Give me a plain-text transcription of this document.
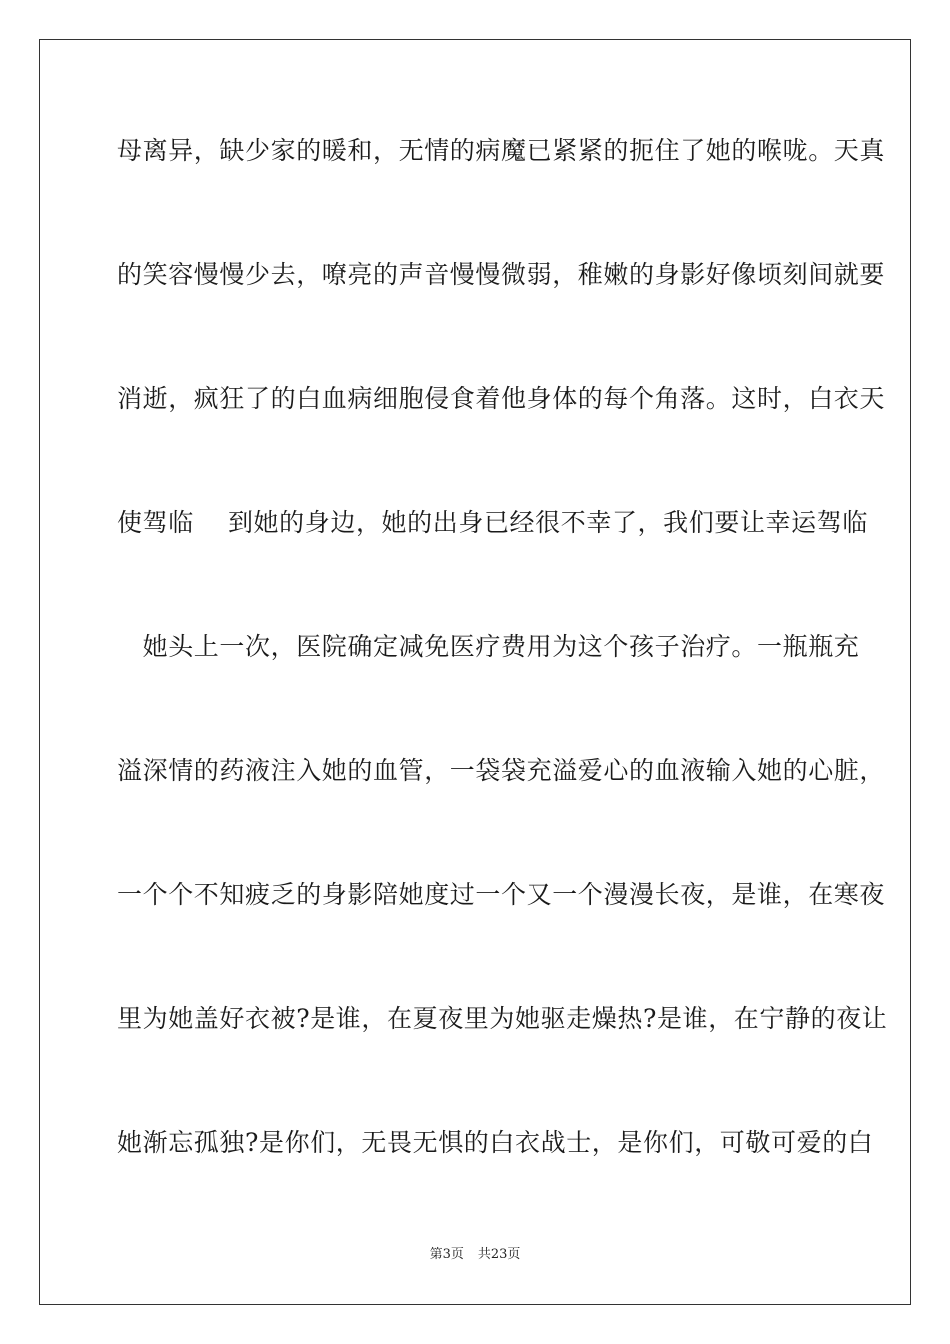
母离异，缺少家的暖和，无情的病魔已紧紧的扼住了她的喉咙。天真
的笑容慢慢少去，嘹亮的声音慢慢微弱，稚嫩的身影好像顷刻间就要
消逝，疯狂了的白血病细胞侵食着他身体的每个角落。这时，白衣天
使驾临　 到她的身边，她的出身已经很不幸了，我们要让幸运驾临
　她头上一次，医院确定减免医疗费用为这个孩子治疗。一瓶瓶充
溢深情的药液注入她的血管，一袋袋充溢爱心的血液输入她的心脏，
一个个不知疲乏的身影陪她度过一个又一个漫漫长夜，是谁，在寒夜
里为她盖好衣被?是谁，在夏夜里为她驱走燥热?是谁，在宁静的夜让
她渐忘孤独?是你们，无畏无惧的白衣战士，是你们，可敬可爱的白
第3页 共23页
